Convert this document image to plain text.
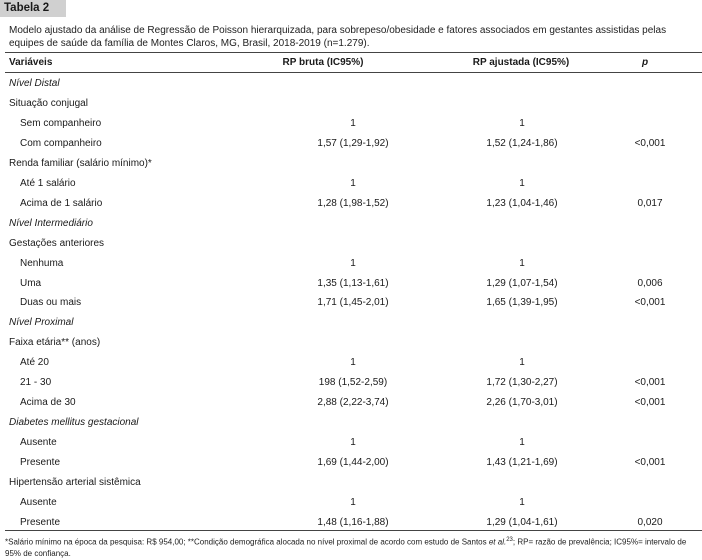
Tabela 2
Modelo ajustado da análise de Regressão de Poisson hierarquizada, para sobrepeso/obesidade e fatores associados em gestantes assistidas pelas equipes de saúde da família de Montes Claros, MG, Brasil, 2018-2019 (n=1.279).
Variáveis	RP bruta (IC95%)	RP ajustada (IC95%)	p
Nível Distal
Situação conjugal
Sem companheiro	1	1
Com companheiro	1,57 (1,29-1,92)	1,52 (1,24-1,86)	<0,001
Renda familiar (salário mínimo)*
Até 1 salário	1	1
Acima de 1 salário	1,28 (1,98-1,52)	1,23 (1,04-1,46)	0,017
Nível Intermediário
Gestações anteriores
Nenhuma	1	1
Uma	1,35 (1,13-1,61)	1,29 (1,07-1,54)	0,006
Duas ou mais	1,71 (1,45-2,01)	1,65 (1,39-1,95)	<0,001
Nível Proximal
Faixa etária** (anos)
Até 20	1	1
21 - 30	198 (1,52-2,59)	1,72 (1,30-2,27)	<0,001
Acima de 30	2,88 (2,22-3,74)	2,26 (1,70-3,01)	<0,001
Diabetes mellitus gestacional
Ausente	1	1
Presente	1,69 (1,44-2,00)	1,43 (1,21-1,69)	<0,001
Hipertensão arterial sistêmica
Ausente	1	1
Presente	1,48 (1,16-1,88)	1,29 (1,04-1,61)	0,020
*Salário mínimo na época da pesquisa: R$ 954,00; **Condição demográfica alocada no nível proximal de acordo com estudo de Santos et al.$^{23}$; RP= razão de prevalência; IC95%= intervalo de 95% de confiança.
